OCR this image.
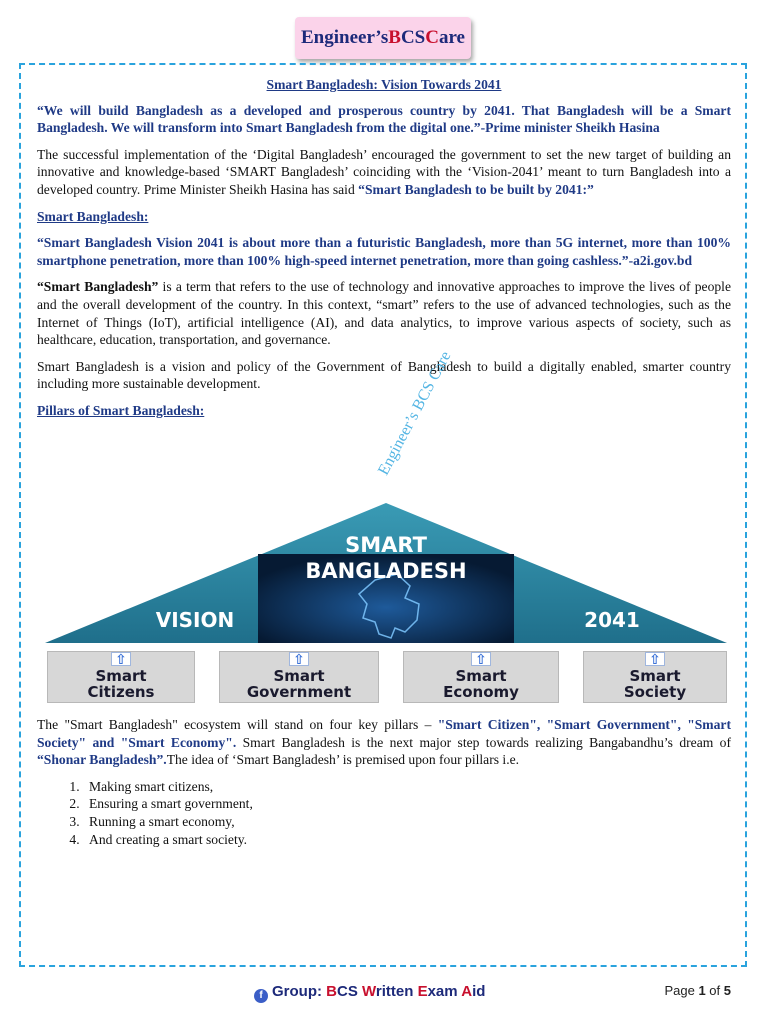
Engineer’s B CS C are
Smart Bangladesh: Vision Towards 2041

“We will build Bangladesh as a developed and prosperous country by 2041. That Bangladesh will be a Smart Bangladesh. We will transform into Smart Bangladesh from the digital one.”-Prime minister Sheikh Hasina

The successful implementation of the ‘Digital Bangladesh’ encouraged the government to set the new target of building an innovative and knowledge-based ‘SMART Bangladesh’ coinciding with the ‘Vision-2041’ meant to turn Bangladesh into a developed country. Prime Minister Sheikh Hasina has said “Smart Bangladesh to be built by 2041:”

Smart Bangladesh:

“Smart Bangladesh Vision 2041 is about more than a futuristic Bangladesh, more than 5G internet, more than 100% smartphone penetration, more than 100% high-speed internet penetration, more than going cashless.”-a2i.gov.bd

“Smart Bangladesh” is a term that refers to the use of technology and innovative approaches to improve the lives of people and the overall development of the country. In this context, “smart” refers to the use of advanced technologies, such as the Internet of Things (IoT), artificial intelligence (AI), and data analytics, to improve various aspects of society, such as healthcare, education, transportation, and governance.

Smart Bangladesh is a vision and policy of the Government of Bangladesh to build a digitally enabled, smarter country including more sustainable development.

Pillars of Smart Bangladesh:	Engineer’s BCS Care
SMART
BANGLADESH
VISION	2041
⇧
Smart
Citizens
⇧
Smart
Government
⇧
Smart
Economy
⇧
Smart
Society

The "Smart Bangladesh" ecosystem will stand on four key pillars – "Smart Citizen", "Smart Government", "Smart Society" and "Smart Economy". Smart Bangladesh is the next major step towards realizing Bangabandhu’s dream of “Shonar Bangladesh”.The idea of ‘Smart Bangladesh’ is premised upon four pillars i.e.

1. Making smart citizens,
2. Ensuring a smart government,
3. Running a smart economy,
4. And creating a smart society.
f Group: BCS Written Exam Aid	Page 1 of 5
